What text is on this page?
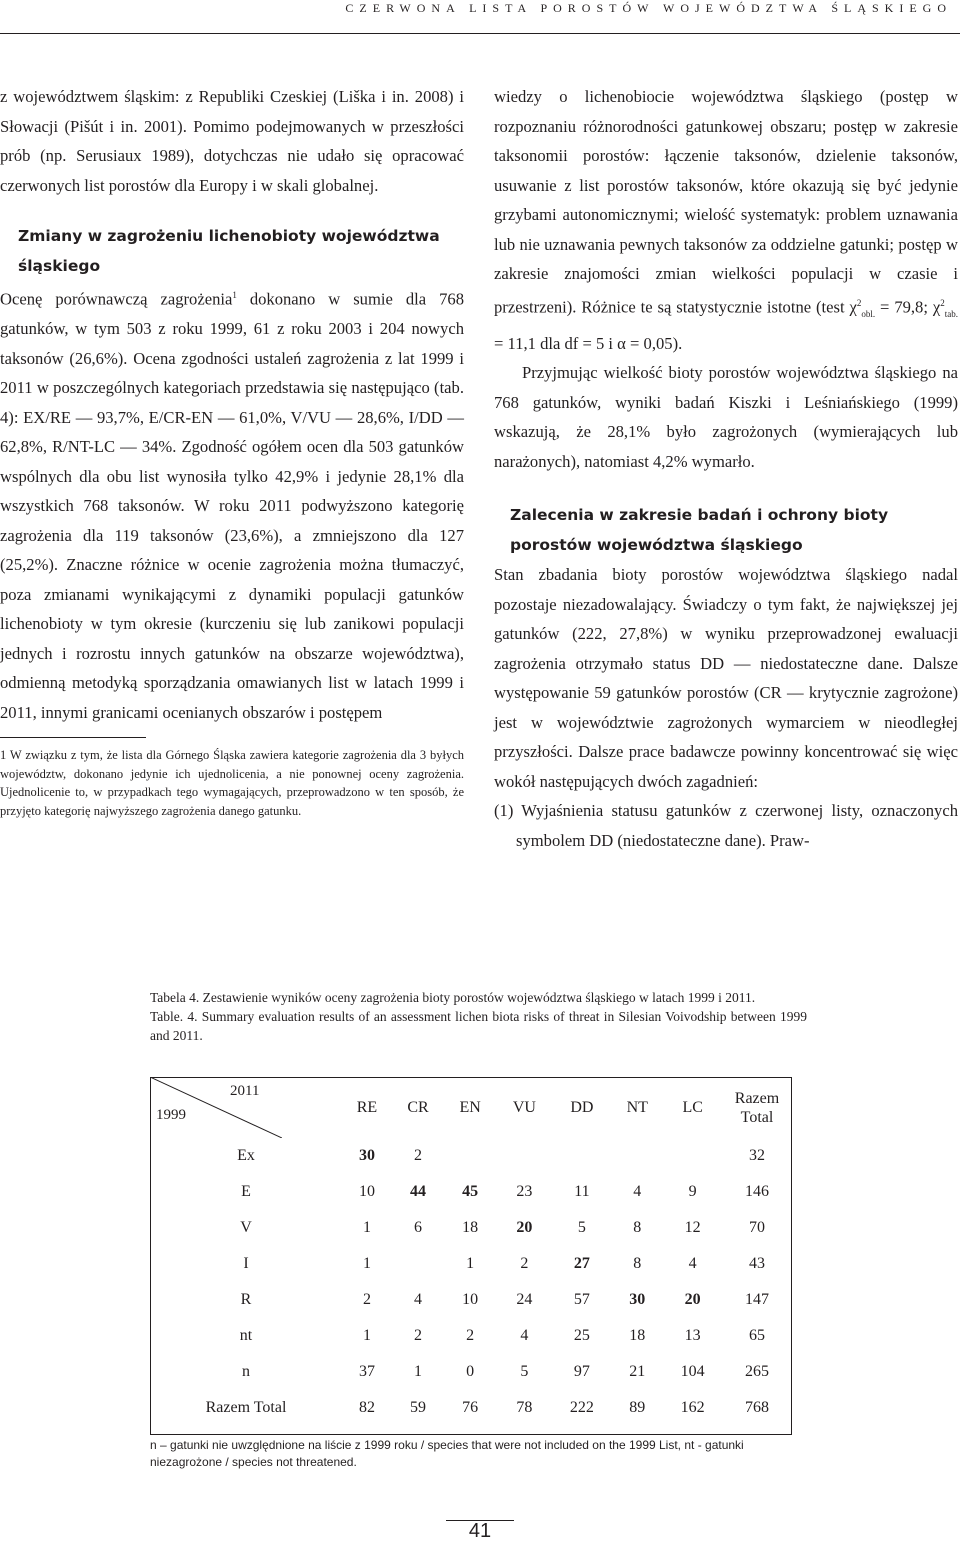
CZERWONA LISTA POROSTÓW WOJEWÓDZTWA ŚLĄSKIEGO

z województwem śląskim: z Republiki Czeskiej (Liška i in. 2008) i Słowacji (Pišút i in. 2001). Pomimo podejmowanych w przeszłości prób (np. Serusiaux 1989), dotychczas nie udało się opracować czerwonych list porostów dla Europy i w skali globalnej.

Zmiany w zagrożeniu lichenobioty województwa śląskiego

Ocenę porównawczą zagrożenia$^1$ dokonano w sumie dla 768 gatunków, w tym 503 z roku 1999, 61 z roku 2003 i 204 nowych taksonów (26,6%). Ocena zgodności ustaleń zagrożenia z lat 1999 i 2011 w poszczególnych kategoriach przedstawia się następująco (tab. 4): EX/RE — 93,7%, E/CR-EN — 61,0%, V/VU — 28,6%, I/DD — 62,8%, R/NT-LC — 34%. Zgodność ogółem ocen dla 503 gatunków wspólnych dla obu list wynosiła tylko 42,9% i jedynie 28,1% dla wszystkich 768 taksonów. W roku 2011 podwyższono kategorię zagrożenia dla 119 taksonów (23,6%), a zmniejszono dla 127 (25,2%). Znaczne różnice w ocenie zagrożenia można tłumaczyć, poza zmianami wynikającymi z dynamiki populacji gatunków lichenobioty w tym okresie (kurczeniu się lub zanikowi populacji jednych i rozrostu innych gatunków na obszarze województwa), odmienną metodyką sporządzania omawianych list w latach 1999 i 2011, innymi granicami ocenianych obszarów i postępem

1 W związku z tym, że lista dla Górnego Śląska zawiera kategorie zagrożenia dla 3 byłych województw, dokonano jedynie ich ujednolicenia, a nie ponownej oceny zagrożenia. Ujednolicenie to, w przypadkach tego wymagających, przeprowadzono w ten sposób, że przyjęto kategorię najwyższego zagrożenia danego gatunku.

wiedzy o lichenobiocie województwa śląskiego (postęp w rozpoznaniu różnorodności gatunkowej obszaru; postęp w zakresie taksonomii porostów: łączenie taksonów, dzielenie taksonów, usuwanie z list porostów taksonów, które okazują się być jedynie grzybami autonomicznymi; wielość systematyk: problem uznawania lub nie uznawania pewnych taksonów za oddzielne gatunki; postęp w zakresie znajomości zmian wielkości populacji w czasie i przestrzeni). Różnice te są statystycznie istotne (test $\chi^2_{obl.} = 79,8$; $\chi^2_{tab.} = 11,1$ dla df = 5 i α = 0,05).

Przyjmując wielkość bioty porostów województwa śląskiego na 768 gatunków, wyniki badań Kiszki i Leśniańskiego (1999) wskazują, że 28,1% było zagrożonych (wymierających lub narażonych), natomiast 4,2% wymarło.

Zalecenia w zakresie badań i ochrony bioty porostów województwa śląskiego

Stan zbadania bioty porostów województwa śląskiego nadal pozostaje niezadowalający. Świadczy o tym fakt, że największej jej gatunków (222, 27,8%) w wyniku przeprowadzonej ewaluacji zagrożenia otrzymało status DD — niedostateczne dane. Dalsze występowanie 59 gatunków porostów (CR — krytycznie zagrożone) jest w województwie zagrożonych wymarciem w nieodległej przyszłości. Dalsze prace badawcze powinny koncentrować się więc wokół następujących dwóch zagadnień:

(1) Wyjaśnienia statusu gatunków z czerwonej listy, oznaczonych symbolem DD (niedostateczne dane). Praw-

Tabela 4. Zestawienie wyników oceny zagrożenia bioty porostów województwa śląskiego w latach 1999 i 2011.

Table. 4. Summary evaluation results of an assessment lichen biota risks of threat in Silesian Voivodship between 1999 and 2011.

2011
1999	RE	CR	EN	VU	DD	NT	LC	Razem Total
Ex	30	2						32
E	10	44	45	23	11	4	9	146
V	1	6	18	20	5	8	12	70
I	1		1	2	27	8	4	43
R	2	4	10	24	57	30	20	147
nt	1	2	2	4	25	18	13	65
n	37	1	0	5	97	21	104	265
Razem Total	82	59	76	78	222	89	162	768
n – gatunki nie uwzględnione na liście z 1999 roku / species that were not included on the 1999 List, nt - gatunki niezagrożone / species not threatened.
41
